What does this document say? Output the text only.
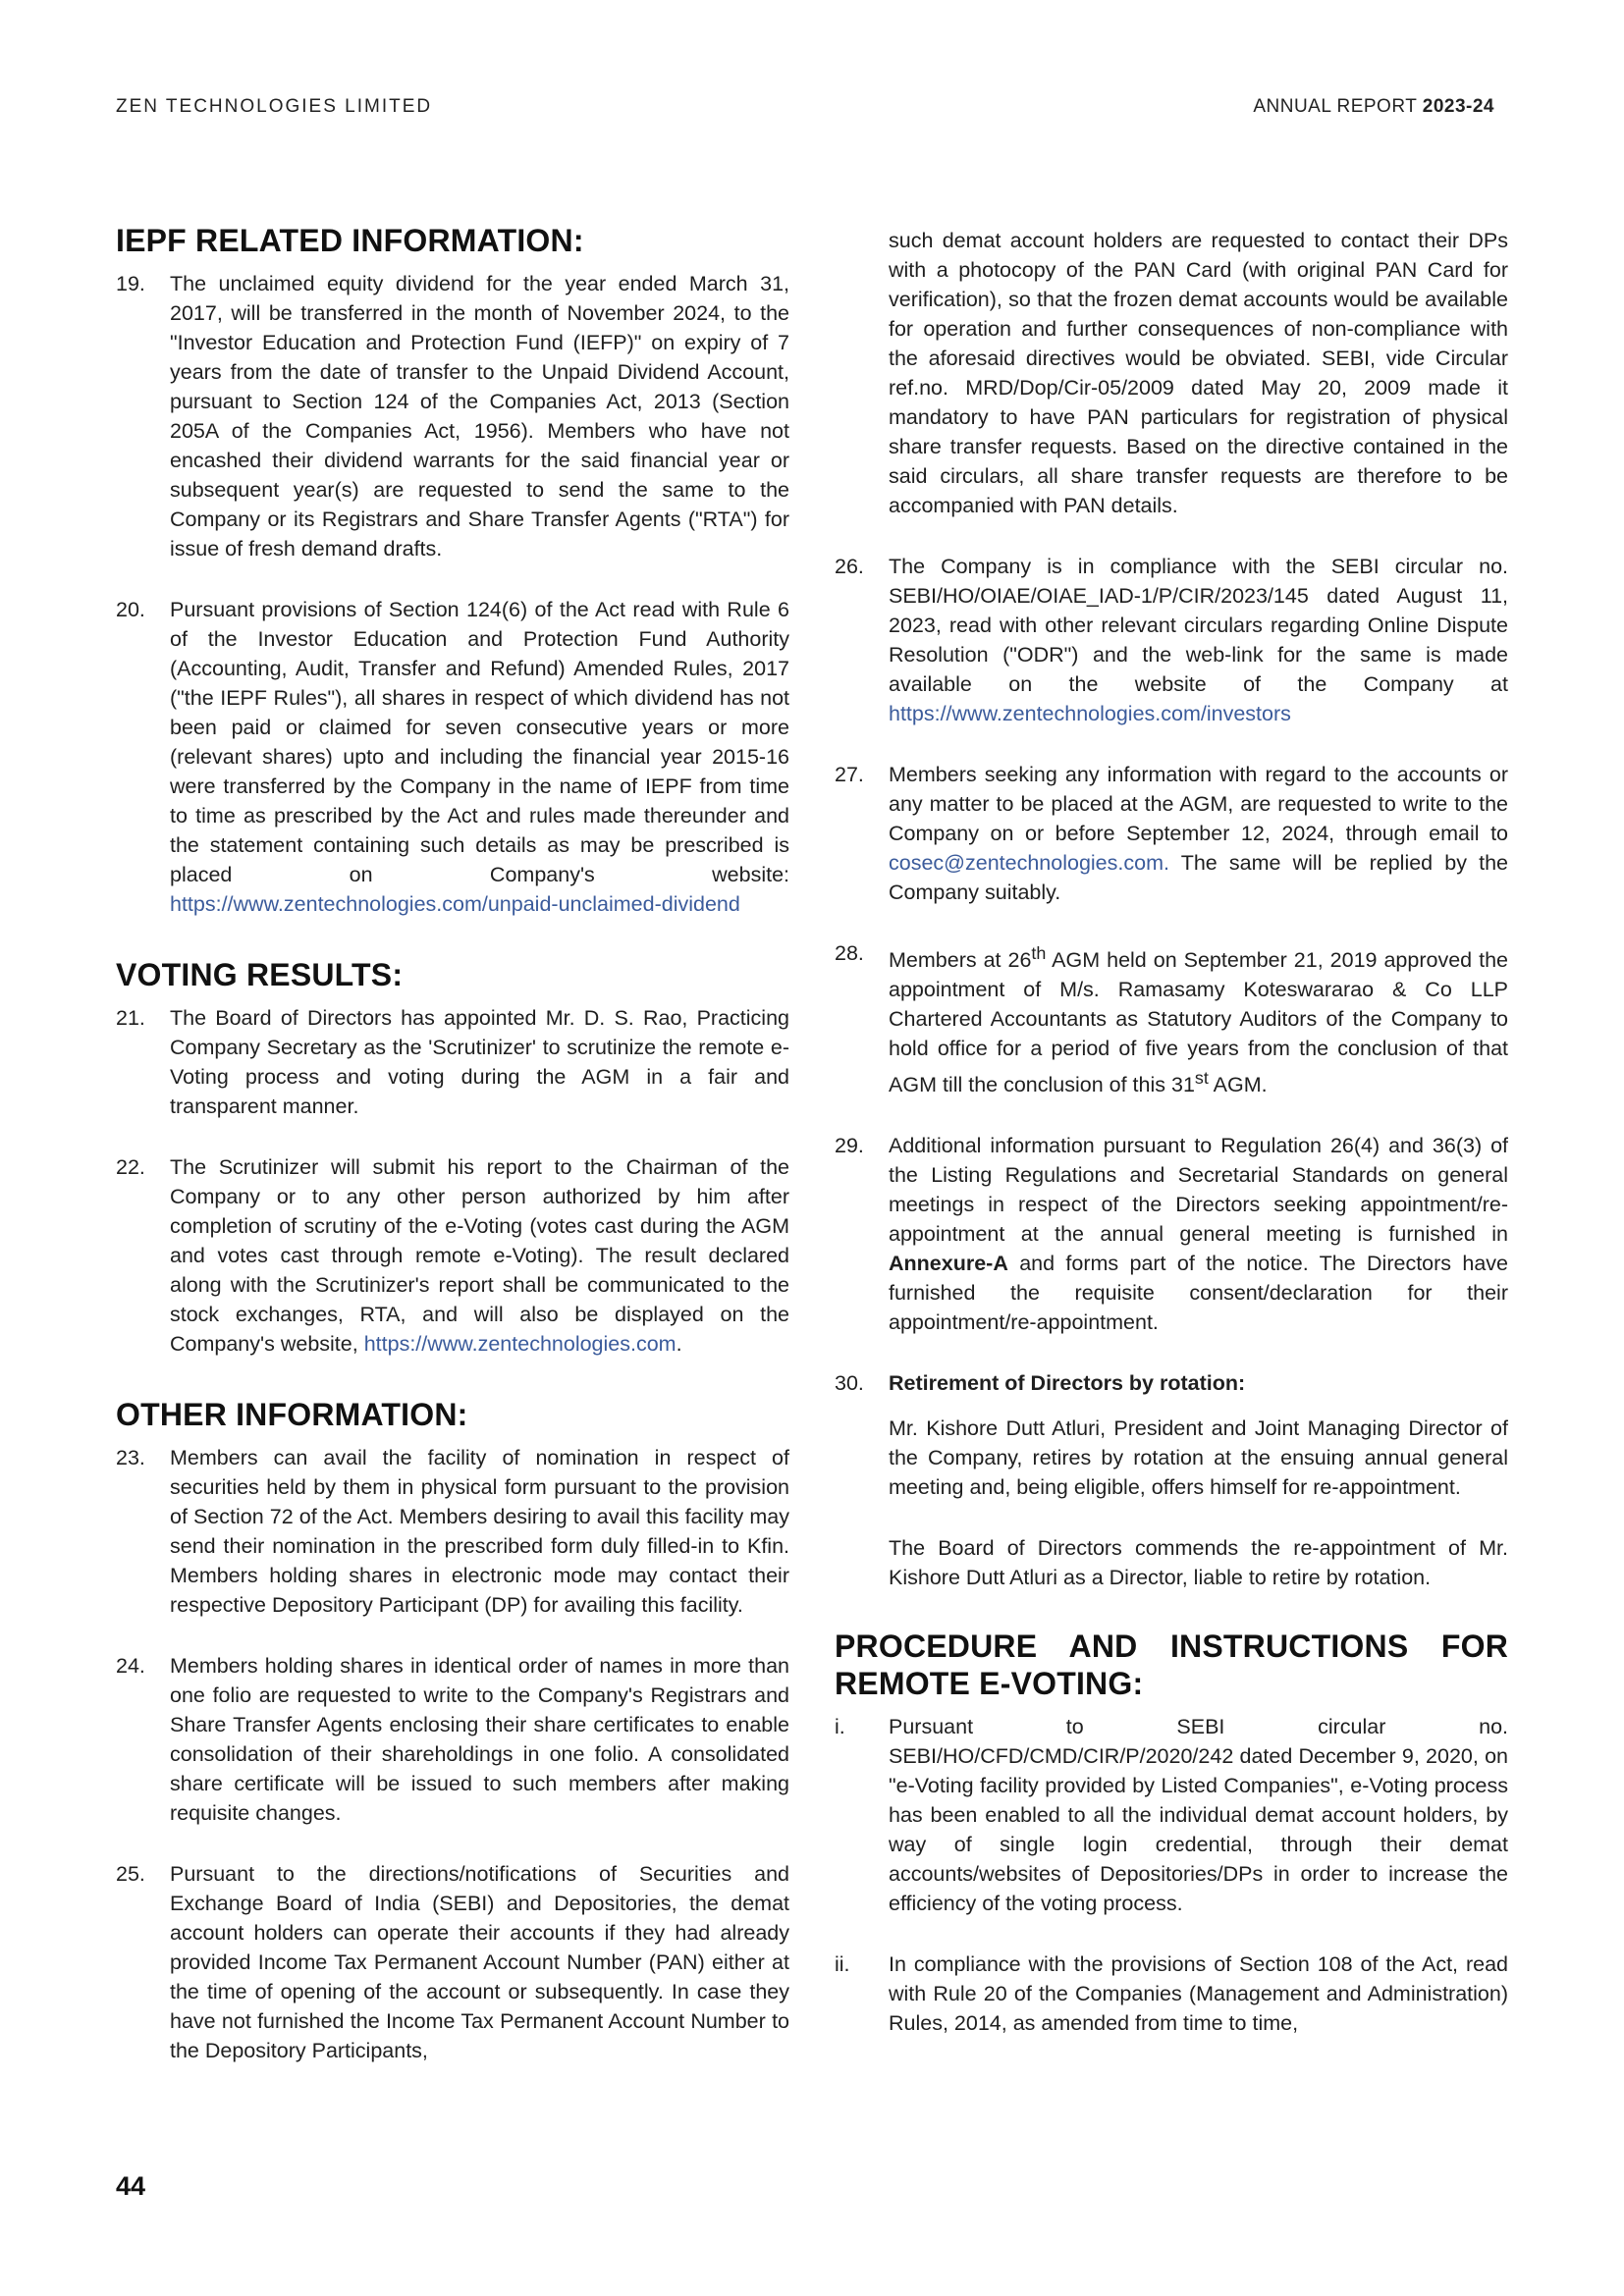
ZEN TECHNOLOGIES LIMITED	ANNUAL REPORT 2023-24
IEPF RELATED INFORMATION:
19.	The unclaimed equity dividend for the year ended March 31, 2017, will be transferred in the month of November 2024, to the "Investor Education and Protection Fund (IEFP)" on expiry of 7 years from the date of transfer to the Unpaid Dividend Account, pursuant to Section 124 of the Companies Act, 2013 (Section 205A of the Companies Act, 1956). Members who have not encashed their dividend warrants for the said financial year or subsequent year(s) are requested to send the same to the Company or its Registrars and Share Transfer Agents ("RTA") for issue of fresh demand drafts.
20.	Pursuant provisions of Section 124(6) of the Act read with Rule 6 of the Investor Education and Protection Fund Authority (Accounting, Audit, Transfer and Refund) Amended Rules, 2017 ("the IEPF Rules"), all shares in respect of which dividend has not been paid or claimed for seven consecutive years or more (relevant shares) upto and including the financial year 2015-16 were transferred by the Company in the name of IEPF from time to time as prescribed by the Act and rules made thereunder and the statement containing such details as may be prescribed is placed on Company's website: https://www.zentechnologies.com/unpaid-unclaimed-dividend
VOTING RESULTS:
21.	The Board of Directors has appointed Mr. D. S. Rao, Practicing Company Secretary as the 'Scrutinizer' to scrutinize the remote e-Voting process and voting during the AGM in a fair and transparent manner.
22.	The Scrutinizer will submit his report to the Chairman of the Company or to any other person authorized by him after completion of scrutiny of the e-Voting (votes cast during the AGM and votes cast through remote e-Voting). The result declared along with the Scrutinizer's report shall be communicated to the stock exchanges, RTA, and will also be displayed on the Company's website, https://www.zentechnologies.com.
OTHER INFORMATION:
23.	Members can avail the facility of nomination in respect of securities held by them in physical form pursuant to the provision of Section 72 of the Act. Members desiring to avail this facility may send their nomination in the prescribed form duly filled-in to Kfin. Members holding shares in electronic mode may contact their respective Depository Participant (DP) for availing this facility.
24.	Members holding shares in identical order of names in more than one folio are requested to write to the Company's Registrars and Share Transfer Agents enclosing their share certificates to enable consolidation of their shareholdings in one folio. A consolidated share certificate will be issued to such members after making requisite changes.
25.	Pursuant to the directions/notifications of Securities and Exchange Board of India (SEBI) and Depositories, the demat account holders can operate their accounts if they had already provided Income Tax Permanent Account Number (PAN) either at the time of opening of the account or subsequently. In case they have not furnished the Income Tax Permanent Account Number to the Depository Participants,

such demat account holders are requested to contact their DPs with a photocopy of the PAN Card (with original PAN Card for verification), so that the frozen demat accounts would be available for operation and further consequences of non-compliance with the aforesaid directives would be obviated. SEBI, vide Circular ref.no. MRD/Dop/Cir-05/2009 dated May 20, 2009 made it mandatory to have PAN particulars for registration of physical share transfer requests. Based on the directive contained in the said circulars, all share transfer requests are therefore to be accompanied with PAN details.

26.	The Company is in compliance with the SEBI circular no. SEBI/HO/OIAE/OIAE_IAD-1/P/CIR/2023/145 dated August 11, 2023, read with other relevant circulars regarding Online Dispute Resolution ("ODR") and the web-link for the same is made available on the website of the Company at https://www.zentechnologies.com/investors
27.	Members seeking any information with regard to the accounts or any matter to be placed at the AGM, are requested to write to the Company on or before September 12, 2024, through email to cosec@zentechnologies.com. The same will be replied by the Company suitably.
28.	Members at 26th AGM held on September 21, 2019 approved the appointment of M/s. Ramasamy Koteswararao & Co LLP Chartered Accountants as Statutory Auditors of the Company to hold office for a period of five years from the conclusion of that AGM till the conclusion of this 31st AGM.
29.	Additional information pursuant to Regulation 26(4) and 36(3) of the Listing Regulations and Secretarial Standards on general meetings in respect of the Directors seeking appointment/re-appointment at the annual general meeting is furnished in Annexure-A and forms part of the notice. The Directors have furnished the requisite consent/declaration for their appointment/re-appointment.
30.	Retirement of Directors by rotation:

Mr. Kishore Dutt Atluri, President and Joint Managing Director of the Company, retires by rotation at the ensuing annual general meeting and, being eligible, offers himself for re-appointment.

The Board of Directors commends the re-appointment of Mr. Kishore Dutt Atluri as a Director, liable to retire by rotation.

PROCEDURE AND INSTRUCTIONS FOR REMOTE E-VOTING:
i.	Pursuant to SEBI circular no. SEBI/HO/CFD/CMD/CIR/P/2020/242 dated December 9, 2020, on "e-Voting facility provided by Listed Companies", e-Voting process has been enabled to all the individual demat account holders, by way of single login credential, through their demat accounts/websites of Depositories/DPs in order to increase the efficiency of the voting process.
ii.	In compliance with the provisions of Section 108 of the Act, read with Rule 20 of the Companies (Management and Administration) Rules, 2014, as amended from time to time,
44
